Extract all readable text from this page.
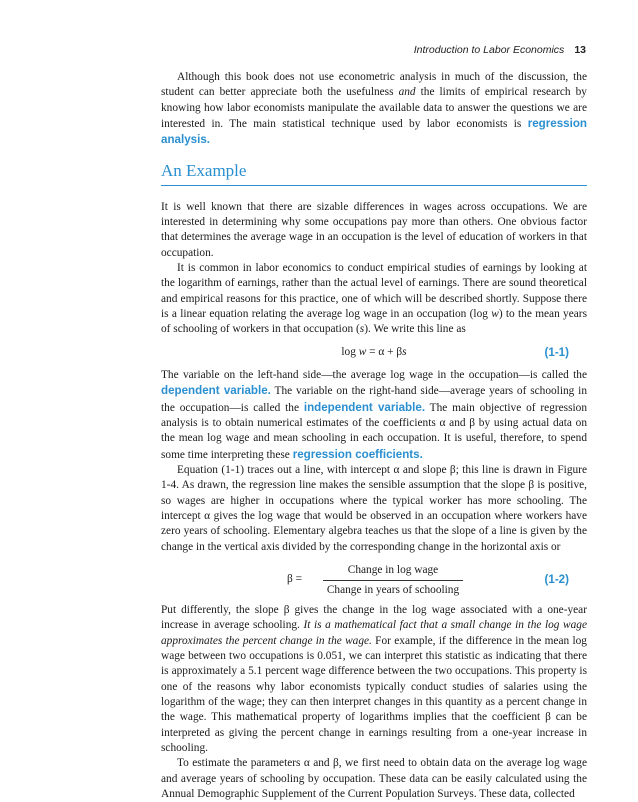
Introduction to Labor Economics 13

Although this book does not use econometric analysis in much of the discussion, the student can better appreciate both the usefulness and the limits of empirical research by knowing how labor economists manipulate the available data to answer the questions we are interested in. The main statistical technique used by labor economists is regression analysis.

An Example

It is well known that there are sizable differences in wages across occupations. We are interested in determining why some occupations pay more than others. One obvious factor that determines the average wage in an occupation is the level of education of workers in that occupation.

It is common in labor economics to conduct empirical studies of earnings by looking at the logarithm of earnings, rather than the actual level of earnings. There are sound theoretical and empirical reasons for this practice, one of which will be described shortly. Suppose there is a linear equation relating the average log wage in an occupation (log w) to the mean years of schooling of workers in that occupation (s). We write this line as

log w = α + βs	(1-1)

The variable on the left-hand side—the average log wage in the occupation—is called the dependent variable. The variable on the right-hand side—average years of schooling in the occupation—is called the independent variable. The main objective of regression analysis is to obtain numerical estimates of the coefficients α and β by using actual data on the mean log wage and mean schooling in each occupation. It is useful, therefore, to spend some time interpreting these regression coefficients.

Equation (1-1) traces out a line, with intercept α and slope β; this line is drawn in Figure 1-4. As drawn, the regression line makes the sensible assumption that the slope β is positive, so wages are higher in occupations where the typical worker has more schooling. The intercept α gives the log wage that would be observed in an occupation where workers have zero years of schooling. Elementary algebra teaches us that the slope of a line is given by the change in the vertical axis divided by the corresponding change in the horizontal axis or

β =
Change in log wage
Change in years of schooling
(1-2)

Put differently, the slope β gives the change in the log wage associated with a one-year increase in average schooling. It is a mathematical fact that a small change in the log wage approximates the percent change in the wage. For example, if the difference in the mean log wage between two occupations is 0.051, we can interpret this statistic as indicating that there is approximately a 5.1 percent wage difference between the two occupations. This property is one of the reasons why labor economists typically conduct studies of salaries using the logarithm of the wage; they can then interpret changes in this quantity as a percent change in the wage. This mathematical property of logarithms implies that the coefficient β can be interpreted as giving the percent change in earnings resulting from a one-year increase in schooling.

To estimate the parameters α and β, we first need to obtain data on the average log wage and average years of schooling by occupation. These data can be easily calculated using the Annual Demographic Supplement of the Current Population Surveys. These data, collected
